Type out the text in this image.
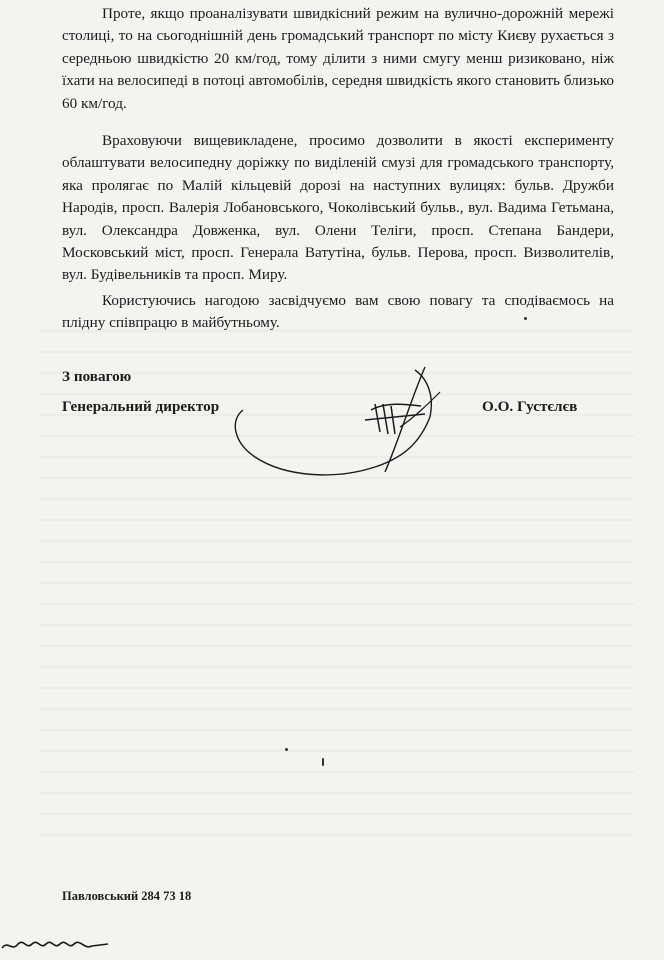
Проте, якщо проаналізувати швидкісний режим на вулично-дорожній мережі столиці, то на сьогоднішній день громадський транспорт по місту Києву рухається з середньою швидкістю 20 км/год, тому ділити з ними смугу менш ризиковано, ніж їхати на велосипеді в потоці автомобілів, середня швидкість якого становить близько 60 км/год.

Враховуючи вищевикладене, просимо дозволити в якості експерименту облаштувати велосипедну доріжку по виділеній смузі для громадського транспорту, яка пролягає по Малій кільцевій дорозі на наступних вулицях: бульв. Дружби Народів, просп. Валерія Лобановського, Чоколівський бульв., вул. Вадима Гетьмана, вул. Олександра Довженка, вул. Олени Теліги, просп. Степана Бандери, Московський міст, просп. Генерала Ватутіна, бульв. Перова, просп. Визволителів, вул. Будівельників та просп. Миру.

Користуючись нагодою засвідчуємо вам свою повагу та сподіваємось на плідну співпрацю в майбутньому.

З повагою
Генеральний директор	О.О. Густєлєв
Павловський 284 73 18
